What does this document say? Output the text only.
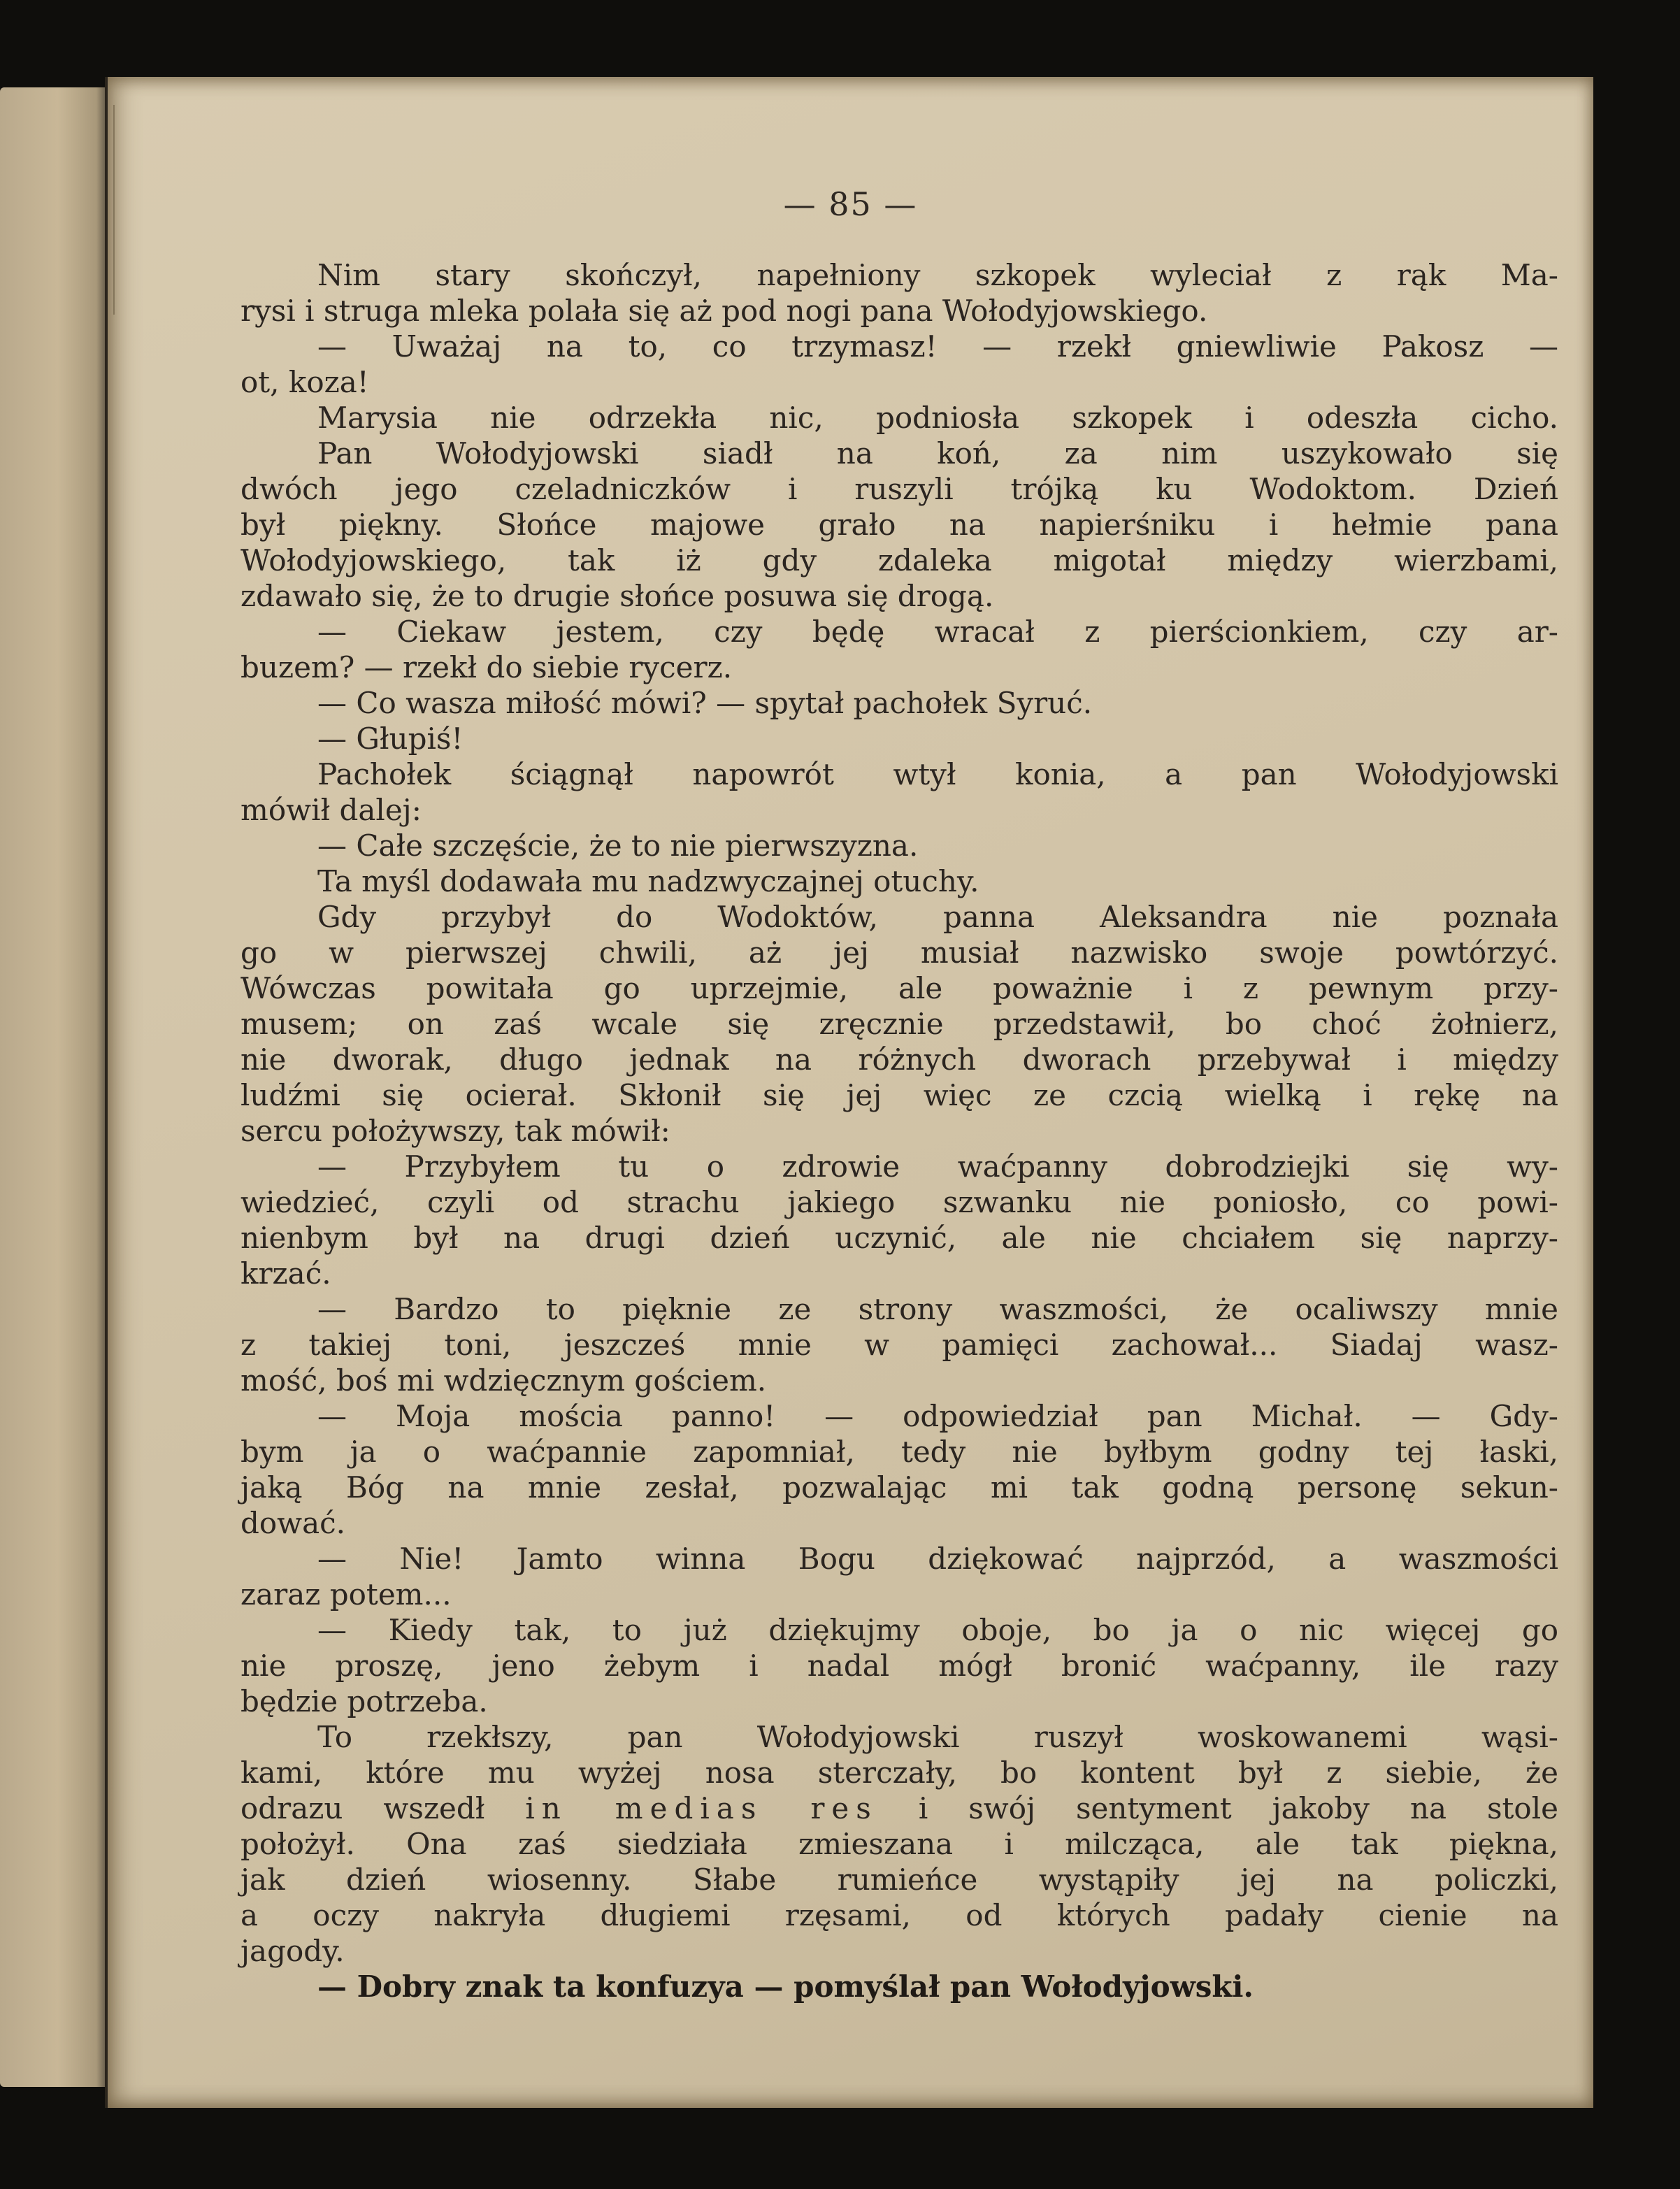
— 85 —
Nim stary skończył, napełniony szkopek wyleciał z rąk Ma-
rysi i struga mleka polała się aż pod nogi pana Wołodyjowskiego.
— Uważaj na to, co trzymasz! — rzekł gniewliwie Pakosz —
ot, koza!
Marysia nie odrzekła nic, podniosła szkopek i odeszła cicho.
Pan Wołodyjowski siadł na koń, za nim uszykowało się
dwóch jego czeladniczków i ruszyli trójką ku Wodoktom. Dzień
był piękny. Słońce majowe grało na napierśniku i hełmie pana
Wołodyjowskiego, tak iż gdy zdaleka migotał między wierzbami,
zdawało się, że to drugie słońce posuwa się drogą.
— Ciekaw jestem, czy będę wracał z pierścionkiem, czy ar-
buzem? — rzekł do siebie rycerz.
— Co wasza miłość mówi? — spytał pachołek Syruć.
— Głupiś!
Pachołek ściągnął napowrót wtył konia, a pan Wołodyjowski
mówił dalej:
— Całe szczęście, że to nie pierwszyzna.
Ta myśl dodawała mu nadzwyczajnej otuchy.
Gdy przybył do Wodoktów, panna Aleksandra nie poznała
go w pierwszej chwili, aż jej musiał nazwisko swoje powtórzyć.
Wówczas powitała go uprzejmie, ale poważnie i z pewnym przy-
musem; on zaś wcale się zręcznie przedstawił, bo choć żołnierz,
nie dworak, długo jednak na różnych dworach przebywał i między
ludźmi się ocierał. Skłonił się jej więc ze czcią wielką i rękę na
sercu położywszy, tak mówił:
— Przybyłem tu o zdrowie waćpanny dobrodziejki się wy-
wiedzieć, czyli od strachu jakiego szwanku nie poniosło, co powi-
nienbym był na drugi dzień uczynić, ale nie chciałem się naprzy-
krzać.
— Bardzo to pięknie ze strony waszmości, że ocaliwszy mnie
z takiej toni, jeszcześ mnie w pamięci zachował... Siadaj wasz-
mość, boś mi wdzięcznym gościem.
— Moja mościa panno! — odpowiedział pan Michał. — Gdy-
bym ja o waćpannie zapomniał, tedy nie byłbym godny tej łaski,
jaką Bóg na mnie zesłał, pozwalając mi tak godną personę sekun-
dować.
— Nie! Jamto winna Bogu dziękować najprzód, a waszmości
zaraz potem...
— Kiedy tak, to już dziękujmy oboje, bo ja o nic więcej go
nie proszę, jeno żebym i nadal mógł bronić waćpanny, ile razy
będzie potrzeba.
To rzekłszy, pan Wołodyjowski ruszył woskowanemi wąsi-
kami, które mu wyżej nosa sterczały, bo kontent był z siebie, że
odrazu wszedł in medias res i swój sentyment jakoby na stole
położył. Ona zaś siedziała zmieszana i milcząca, ale tak piękna,
jak dzień wiosenny. Słabe rumieńce wystąpiły jej na policzki,
a oczy nakryła długiemi rzęsami, od których padały cienie na
jagody.
— Dobry znak ta konfuzya — pomyślał pan Wołodyjowski.
